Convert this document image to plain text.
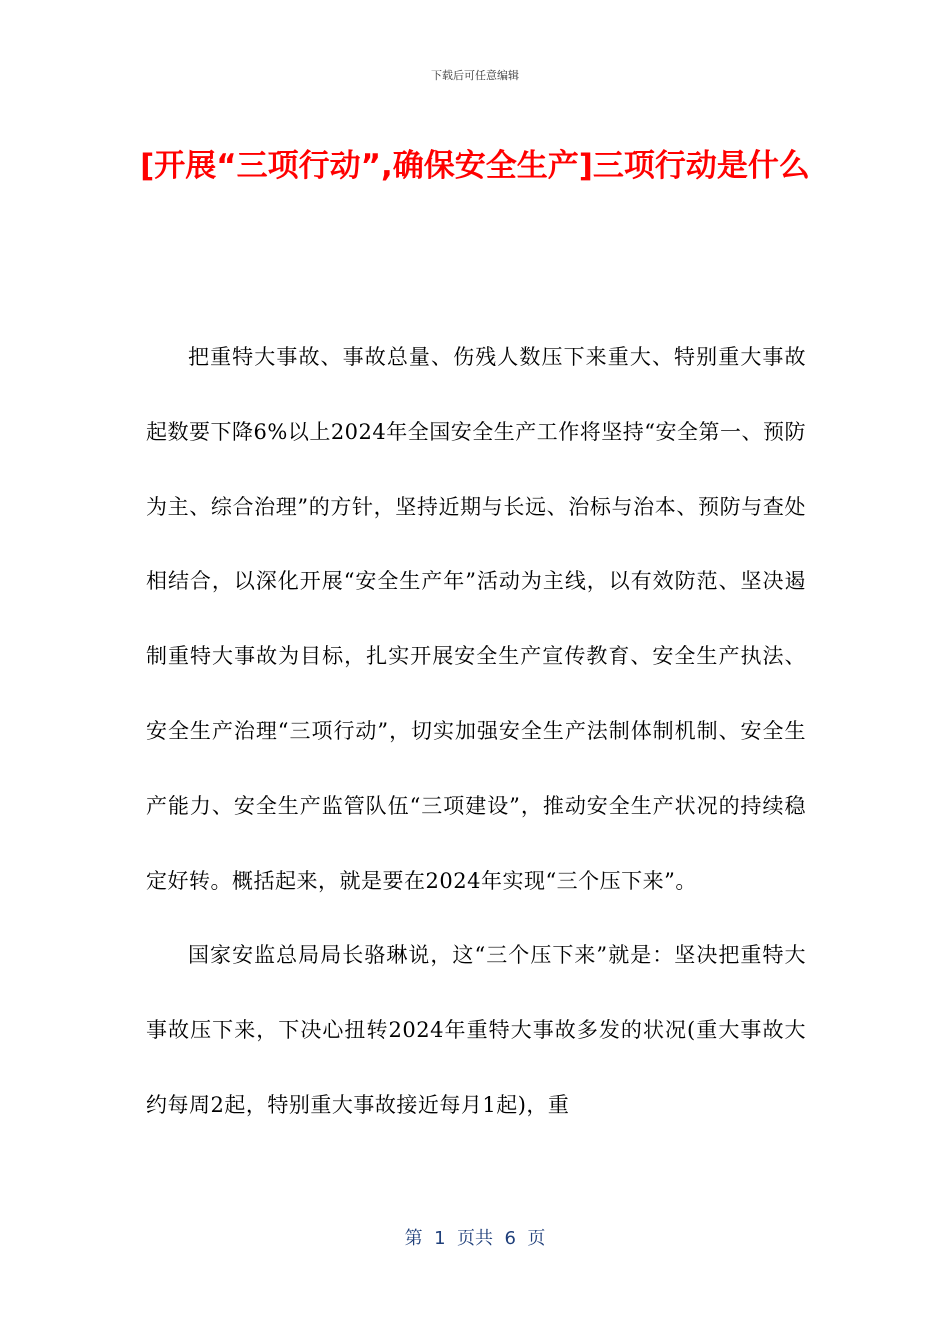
下载后可任意编辑
[开展“三项行动”,确保安全生产]三项行动是什么

把重特大事故、事故总量、伤残人数压下来重大、特别重大事故起数要下降6%以上2024年全国安全生产工作将坚持“安全第一、预防为主、综合治理”的方针，坚持近期与长远、治标与治本、预防与查处相结合，以深化开展“安全生产年”活动为主线，以有效防范、坚决遏制重特大事故为目标，扎实开展安全生产宣传教育、安全生产执法、安全生产治理“三项行动”，切实加强安全生产法制体制机制、安全生产能力、安全生产监管队伍“三项建设”，推动安全生产状况的持续稳定好转。概括起来，就是要在2024年实现“三个压下来”。

国家安监总局局长骆琳说，这“三个压下来”就是：坚决把重特大事故压下来，下决心扭转2024年重特大事故多发的状况(重大事故大约每周2起，特别重大事故接近每月1起)，重

第  1  页共  6  页
